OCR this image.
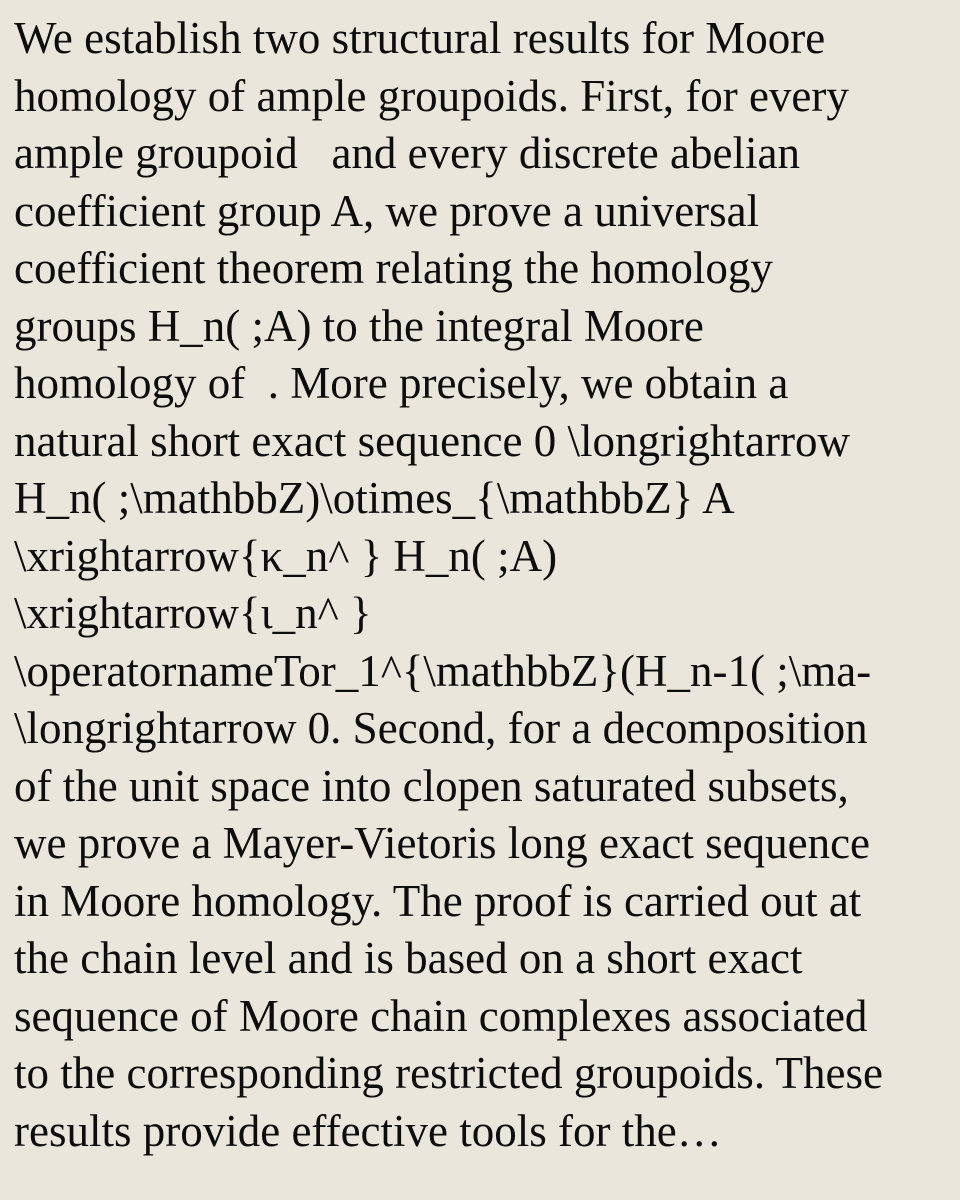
We establish two structural results for Moore
homology of ample groupoids. First, for every
ample groupoid   and every discrete abelian
coefficient group A, we prove a universal
coefficient theorem relating the homology
groups H_n( ;A) to the integral Moore
homology of  . More precisely, we obtain a
natural short exact sequence 0 \longrightarrow
H_n( ;\mathbbZ)\otimes_{\mathbbZ} A
\xrightarrow{κ_n^ } H_n( ;A)
\xrightarrow{ι_n^ }
\operatornameTor_1^{\mathbbZ}(H_n-1( ;\ma-
\longrightarrow 0. Second, for a decomposition
of the unit space into clopen saturated subsets,
we prove a Mayer-Vietoris long exact sequence
in Moore homology. The proof is carried out at
the chain level and is based on a short exact
sequence of Moore chain complexes associated
to the corresponding restricted groupoids. These
results provide effective tools for the…
